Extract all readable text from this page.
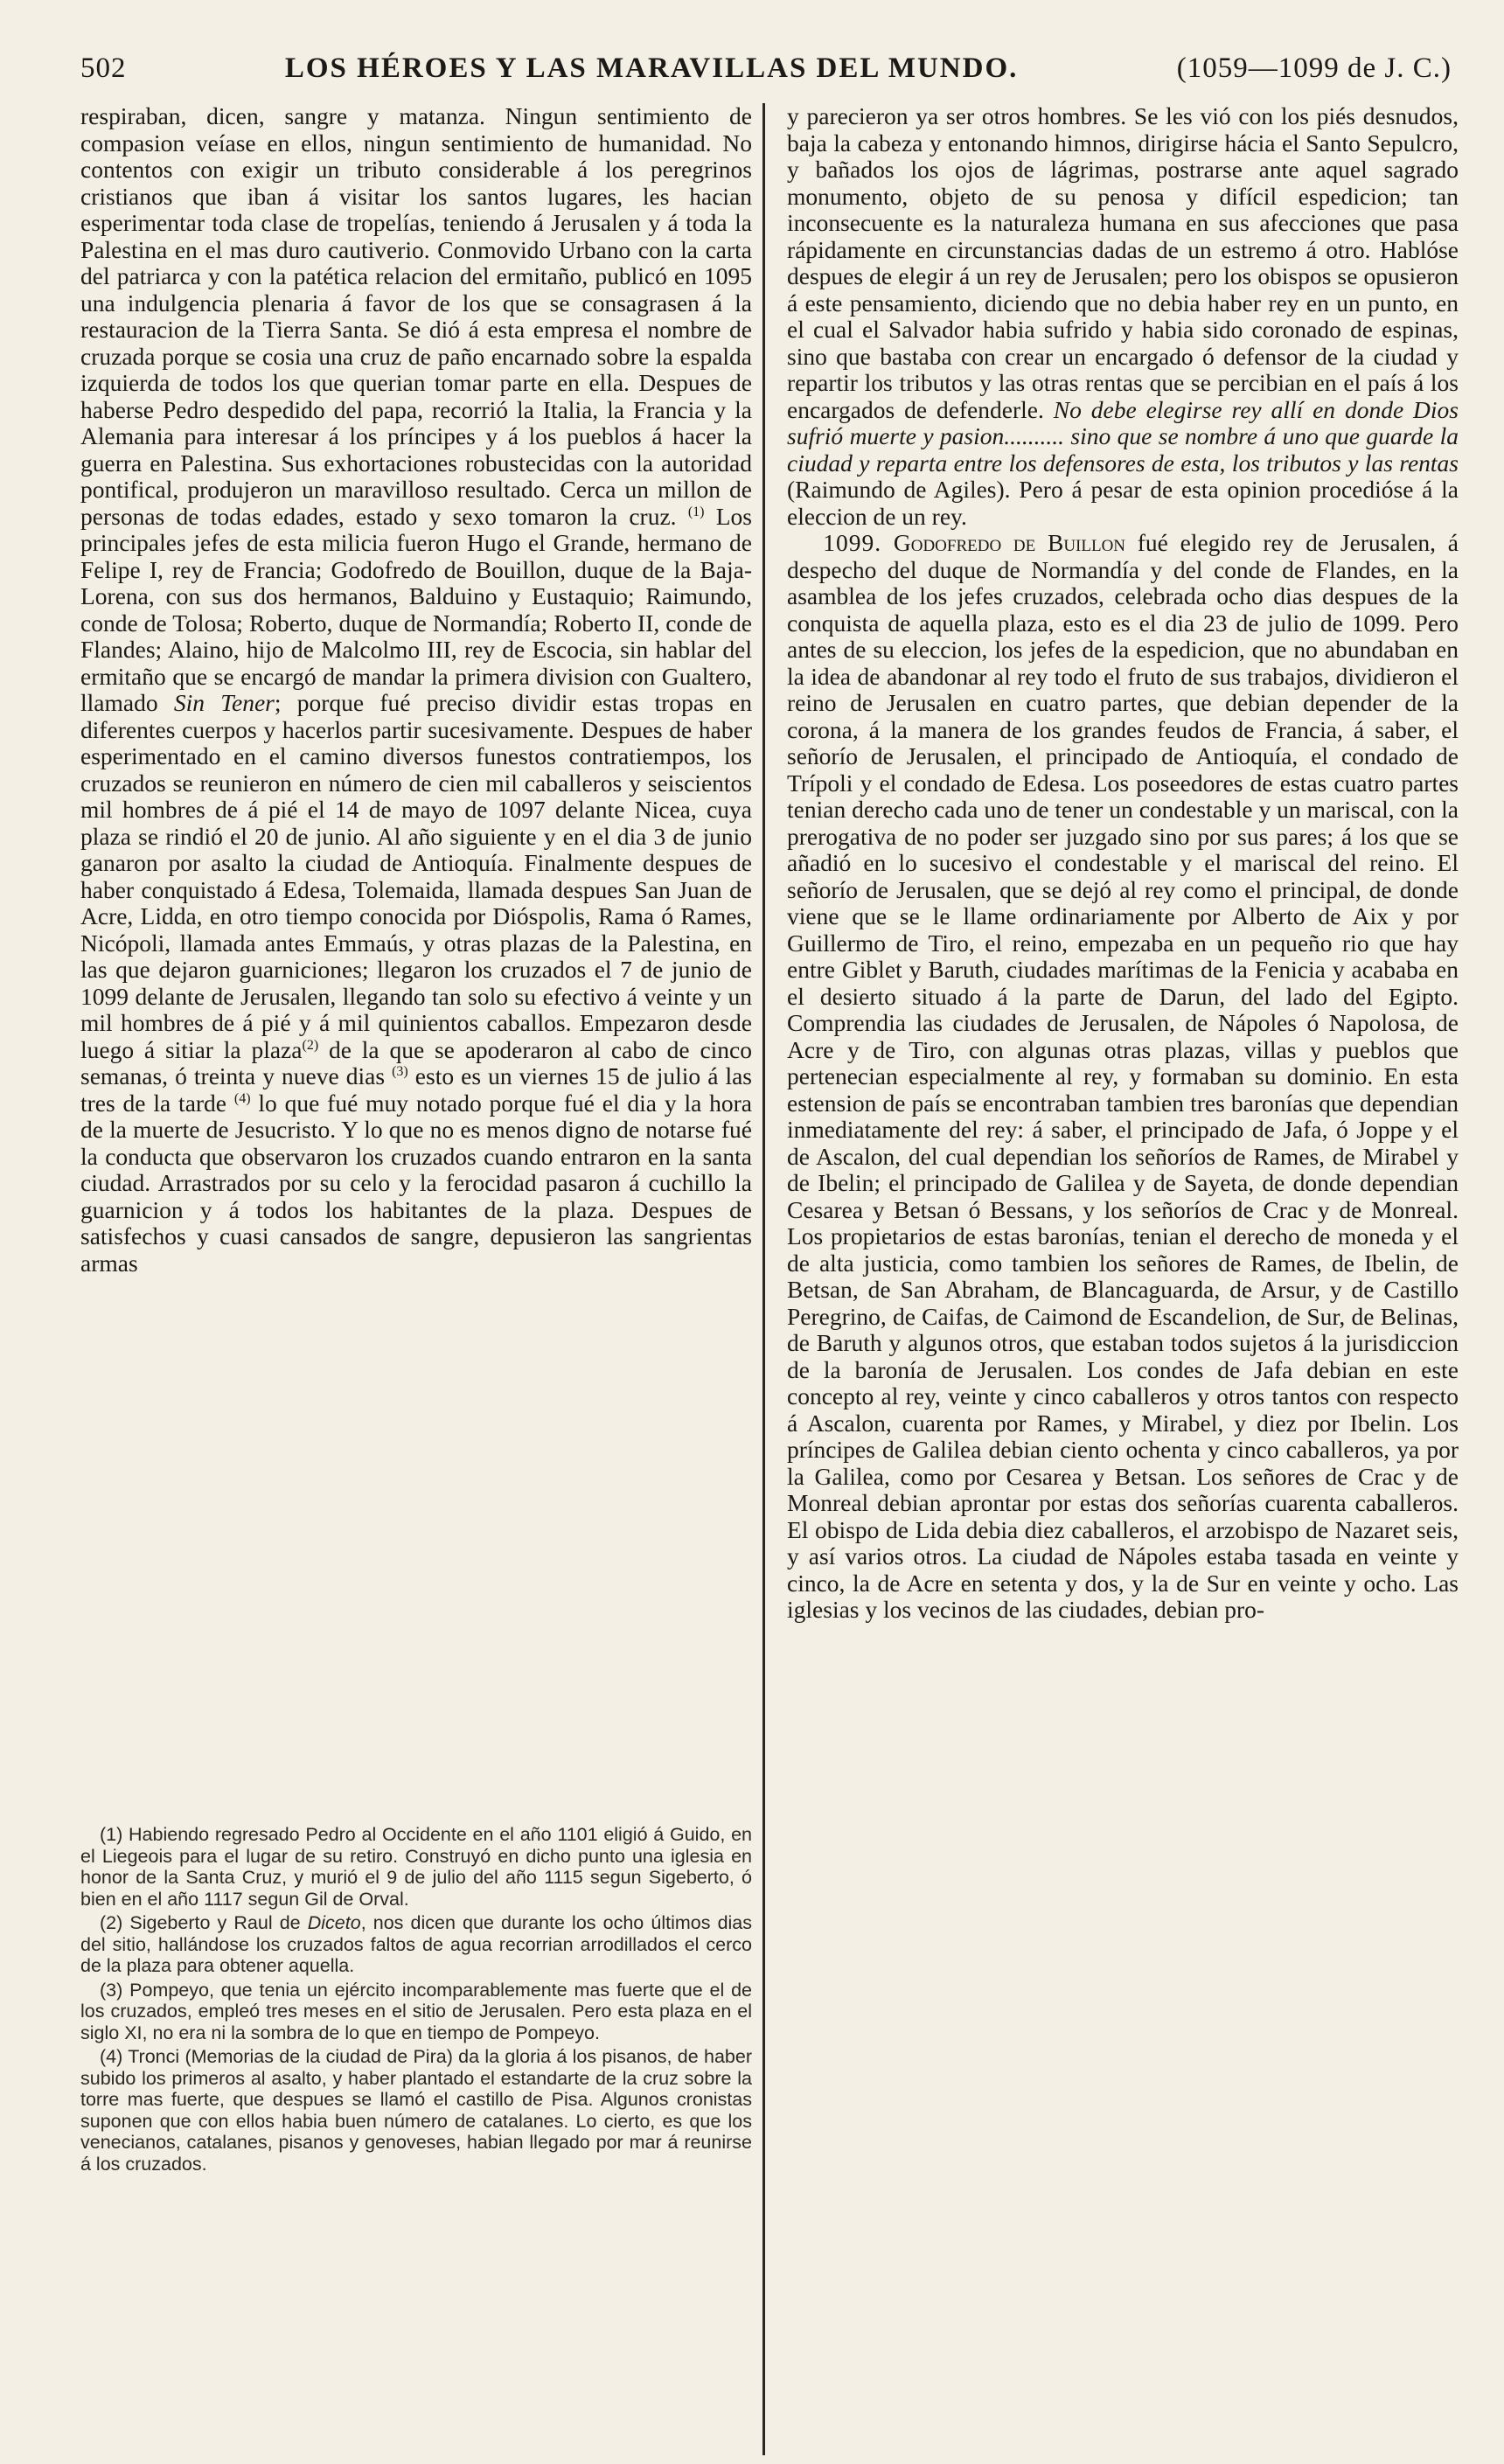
502	LOS HÉROES Y LAS MARAVILLAS DEL MUNDO.	(1059—1099 de J. C.)

respiraban, dicen, sangre y matanza. Ningun sentimiento de compasion veíase en ellos, ningun sentimiento de humanidad. No contentos con exigir un tributo considerable á los peregrinos cristianos que iban á visitar los santos lugares, les hacian esperimentar toda clase de tropelías, teniendo á Jerusalen y á toda la Palestina en el mas duro cautiverio. Conmovido Urbano con la carta del patriarca y con la patética relacion del ermitaño, publicó en 1095 una indulgencia plenaria á favor de los que se consagrasen á la restauracion de la Tierra Santa. Se dió á esta empresa el nombre de cruzada porque se cosia una cruz de paño encarnado sobre la espalda izquierda de todos los que querian tomar parte en ella. Despues de haberse Pedro despedido del papa, recorrió la Italia, la Francia y la Alemania para interesar á los príncipes y á los pueblos á hacer la guerra en Palestina. Sus exhortaciones robustecidas con la autoridad pontifical, produjeron un maravilloso resultado. Cerca un millon de personas de todas edades, estado y sexo tomaron la cruz. $^{(1)}$ Los principales jefes de esta milicia fueron Hugo el Grande, hermano de Felipe I, rey de Francia; Godofredo de Bouillon, duque de la Baja-Lorena, con sus dos hermanos, Balduino y Eustaquio; Raimundo, conde de Tolosa; Roberto, duque de Normandía; Roberto II, conde de Flandes; Alaino, hijo de Malcolmo III, rey de Escocia, sin hablar del ermitaño que se encargó de mandar la primera division con Gualtero, llamado Sin Tener; porque fué preciso dividir estas tropas en diferentes cuerpos y hacerlos partir sucesivamente. Despues de haber esperimentado en el camino diversos funestos contratiempos, los cruzados se reunieron en número de cien mil caballeros y seiscientos mil hombres de á pié el 14 de mayo de 1097 delante Nicea, cuya plaza se rindió el 20 de junio. Al año siguiente y en el dia 3 de junio ganaron por asalto la ciudad de Antioquía. Finalmente despues de haber conquistado á Edesa, Tolemaida, llamada despues San Juan de Acre, Lidda, en otro tiempo conocida por Dióspolis, Rama ó Rames, Nicópoli, llamada antes Emmaús, y otras plazas de la Palestina, en las que dejaron guarniciones; llegaron los cruzados el 7 de junio de 1099 delante de Jerusalen, llegando tan solo su efectivo á veinte y un mil hombres de á pié y á mil quinientos caballos. Empezaron desde luego á sitiar la plaza$^{(2)}$ de la que se apoderaron al cabo de cinco semanas, ó treinta y nueve dias $^{(3)}$ esto es un viernes 15 de julio á las tres de la tarde $^{(4)}$ lo que fué muy notado porque fué el dia y la hora de la muerte de Jesucristo. Y lo que no es menos digno de notarse fué la conducta que observaron los cruzados cuando entraron en la santa ciudad. Arrastrados por su celo y la ferocidad pasaron á cuchillo la guarnicion y á todos los habitantes de la plaza. Despues de satisfechos y cuasi cansados de sangre, depusieron las sangrientas armas

y parecieron ya ser otros hombres. Se les vió con los piés desnudos, baja la cabeza y entonando himnos, dirigirse hácia el Santo Sepulcro, y bañados los ojos de lágrimas, postrarse ante aquel sagrado monumento, objeto de su penosa y difícil espedicion; tan inconsecuente es la naturaleza humana en sus afecciones que pasa rápidamente en circunstancias dadas de un estremo á otro. Hablóse despues de elegir á un rey de Jerusalen; pero los obispos se opusieron á este pensamiento, diciendo que no debia haber rey en un punto, en el cual el Salvador habia sufrido y habia sido coronado de espinas, sino que bastaba con crear un encargado ó defensor de la ciudad y repartir los tributos y las otras rentas que se percibian en el país á los encargados de defenderle. No debe elegirse rey allí en donde Dios sufrió muerte y pasion.......... sino que se nombre á uno que guarde la ciudad y reparta entre los defensores de esta, los tributos y las rentas (Raimundo de Agiles). Pero á pesar de esta opinion procedióse á la eleccion de un rey.

1099. Godofredo de Buillon fué elegido rey de Jerusalen, á despecho del duque de Normandía y del conde de Flandes, en la asamblea de los jefes cruzados, celebrada ocho dias despues de la conquista de aquella plaza, esto es el dia 23 de julio de 1099. Pero antes de su eleccion, los jefes de la espedicion, que no abundaban en la idea de abandonar al rey todo el fruto de sus trabajos, dividieron el reino de Jerusalen en cuatro partes, que debian depender de la corona, á la manera de los grandes feudos de Francia, á saber, el señorío de Jerusalen, el principado de Antioquía, el condado de Trípoli y el condado de Edesa. Los poseedores de estas cuatro partes tenian derecho cada uno de tener un condestable y un mariscal, con la prerogativa de no poder ser juzgado sino por sus pares; á los que se añadió en lo sucesivo el condestable y el mariscal del reino. El señorío de Jerusalen, que se dejó al rey como el principal, de donde viene que se le llame ordinariamente por Alberto de Aix y por Guillermo de Tiro, el reino, empezaba en un pequeño rio que hay entre Giblet y Baruth, ciudades marítimas de la Fenicia y acababa en el desierto situado á la parte de Darun, del lado del Egipto. Comprendia las ciudades de Jerusalen, de Nápoles ó Napolosa, de Acre y de Tiro, con algunas otras plazas, villas y pueblos que pertenecian especialmente al rey, y formaban su dominio. En esta estension de país se encontraban tambien tres baronías que dependian inmediatamente del rey: á saber, el principado de Jafa, ó Joppe y el de Ascalon, del cual dependian los señoríos de Rames, de Mirabel y de Ibelin; el principado de Galilea y de Sayeta, de donde dependian Cesarea y Betsan ó Bessans, y los señoríos de Crac y de Monreal. Los propietarios de estas baronías, tenian el derecho de moneda y el de alta justicia, como tambien los señores de Rames, de Ibelin, de Betsan, de San Abraham, de Blancaguarda, de Arsur, y de Castillo Peregrino, de Caifas, de Caimond de Escandelion, de Sur, de Belinas, de Baruth y algunos otros, que estaban todos sujetos á la jurisdiccion de la baronía de Jerusalen. Los condes de Jafa debian en este concepto al rey, veinte y cinco caballeros y otros tantos con respecto á Ascalon, cuarenta por Rames, y Mirabel, y diez por Ibelin. Los príncipes de Galilea debian ciento ochenta y cinco caballeros, ya por la Galilea, como por Cesarea y Betsan. Los señores de Crac y de Monreal debian aprontar por estas dos señorías cuarenta caballeros. El obispo de Lida debia diez caballeros, el arzobispo de Nazaret seis, y así varios otros. La ciudad de Nápoles estaba tasada en veinte y cinco, la de Acre en setenta y dos, y la de Sur en veinte y ocho. Las iglesias y los vecinos de las ciudades, debian pro-

(1) Habiendo regresado Pedro al Occidente en el año 1101 eligió á Guido, en el Liegeois para el lugar de su retiro. Construyó en dicho punto una iglesia en honor de la Santa Cruz, y murió el 9 de julio del año 1115 segun Sigeberto, ó bien en el año 1117 segun Gil de Orval.

(2) Sigeberto y Raul de Diceto, nos dicen que durante los ocho últimos dias del sitio, hallándose los cruzados faltos de agua recorrian arrodillados el cerco de la plaza para obtener aquella.

(3) Pompeyo, que tenia un ejército incomparablemente mas fuerte que el de los cruzados, empleó tres meses en el sitio de Jerusalen. Pero esta plaza en el siglo XI, no era ni la sombra de lo que en tiempo de Pompeyo.

(4) Tronci (Memorias de la ciudad de Pira) da la gloria á los pisanos, de haber subido los primeros al asalto, y haber plantado el estandarte de la cruz sobre la torre mas fuerte, que despues se llamó el castillo de Pisa. Algunos cronistas suponen que con ellos habia buen número de catalanes. Lo cierto, es que los venecianos, catalanes, pisanos y genoveses, habian llegado por mar á reunirse á los cruzados.
